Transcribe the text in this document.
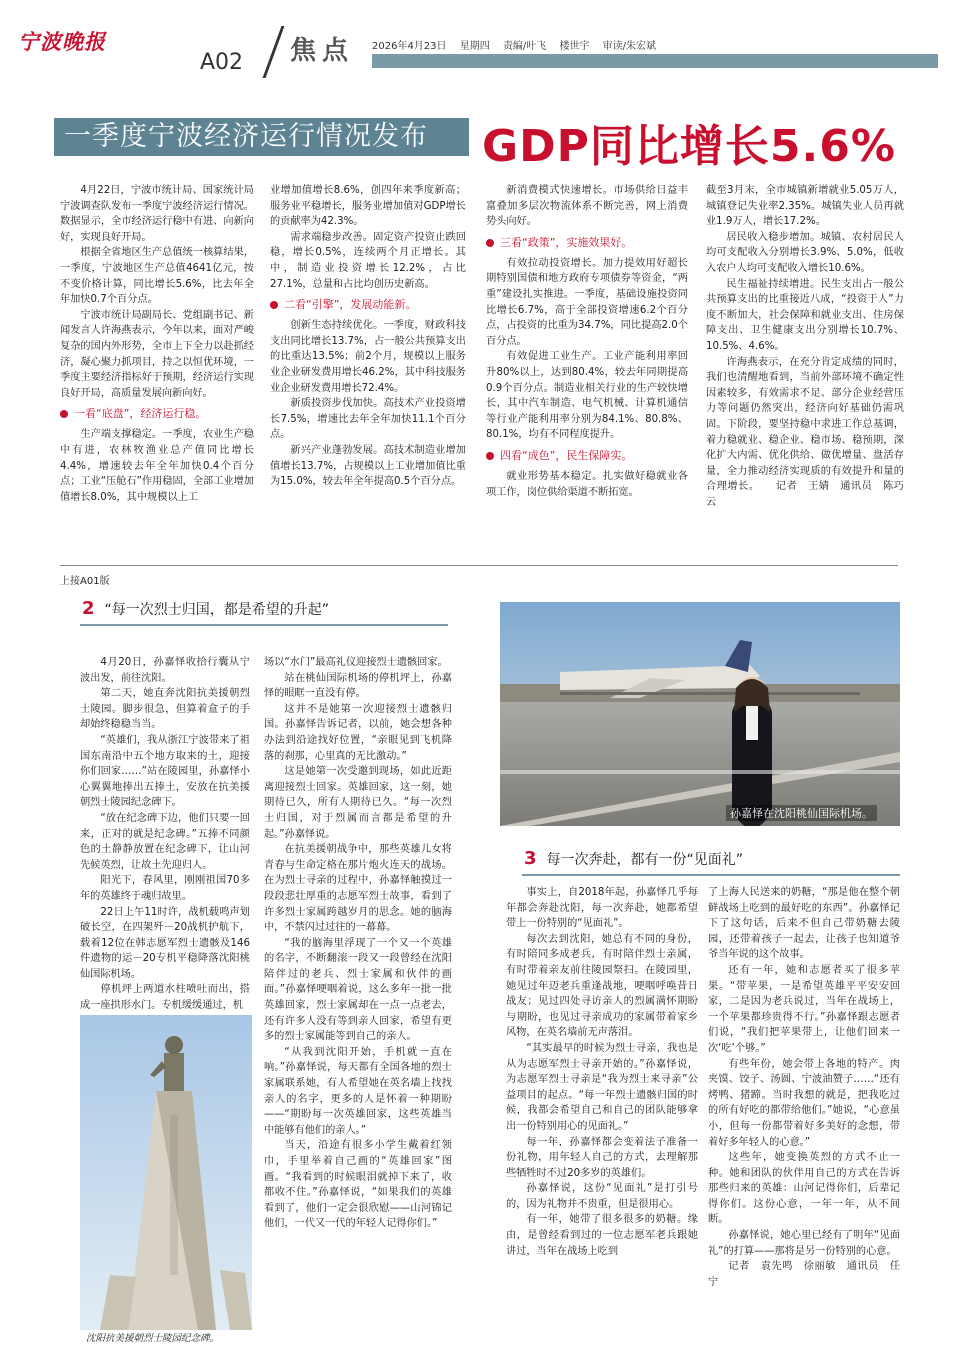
宁波晚报
A02 焦点 2026年4月23日 星期四 责编/叶飞 楼世宇 审读/朱宏斌
一季度宁波经济运行情况发布	GDP同比增长5.6%

4月22日，宁波市统计局、国家统计局宁波调查队发布一季度宁波经济运行情况。数据显示，全市经济运行稳中有进、向新向好，实现良好开局。

根据全省地区生产总值统一核算结果，一季度，宁波地区生产总值4641亿元，按不变价格计算，同比增长5.6%，比去年全年加快0.7个百分点。

宁波市统计局副局长、党组副书记、新闻发言人许海燕表示，今年以来，面对严峻复杂的国内外形势，全市上下全力以赴抓经济，凝心聚力抓项目，持之以恒优环境，一季度主要经济指标好于预期，经济运行实现良好开局，高质量发展向新向好。

一看“底盘”，经济运行稳。

生产端支撑稳定。一季度，农业生产稳中有进，农林牧渔业总产值同比增长4.4%，增速较去年全年加快0.4个百分点；工业“压舱石”作用稳固，全部工业增加值增长8.0%，其中规模以上工

业增加值增长8.6%，创四年来季度新高；服务业平稳增长，服务业增加值对GDP增长的贡献率为42.3%。

需求端稳步改善。固定资产投资止跌回稳，增长0.5%，连续两个月正增长。其中，制造业投资增长12.2%，占比27.1%，总量和占比均创历史新高。

二看“引擎”，发展动能新。

创新生态持续优化。一季度，财政科技支出同比增长13.7%，占一般公共预算支出的比重达13.5%；前2个月，规模以上服务业企业研发费用增长46.2%，其中科技服务业企业研发费用增长72.4%。

新质投资步伐加快。高技术产业投资增长7.5%，增速比去年全年加快11.1个百分点。

新兴产业蓬勃发展。高技术制造业增加值增长13.7%，占规模以上工业增加值比重为15.0%，较去年全年提高0.5个百分点。

新消费模式快速增长。市场供给日益丰富叠加多层次物流体系不断完善，网上消费势头向好。

三看“政策”，实施效果好。

有效拉动投资增长。加力提效用好超长期特别国债和地方政府专项债券等资金，“两重”建设扎实推进。一季度，基础设施投资同比增长6.7%，高于全部投资增速6.2个百分点，占投资的比重为34.7%，同比提高2.0个百分点。

有效促进工业生产。工业产能利用率回升80%以上，达到80.4%，较去年同期提高0.9个百分点。制造业相关行业的生产较快增长，其中汽车制造、电气机械、计算机通信等行业产能利用率分别为84.1%、80.8%、80.1%，均有不同程度提升。

四看“成色”，民生保障实。

就业形势基本稳定。扎实做好稳就业各项工作，岗位供给渠道不断拓宽。

截至3月末，全市城镇新增就业5.05万人，城镇登记失业率2.35%。城镇失业人员再就业1.9万人，增长17.2%。

居民收入稳步增加。城镇、农村居民人均可支配收入分别增长3.9%、5.0%，低收入农户人均可支配收入增长10.6%。

民生福祉持续增进。民生支出占一般公共预算支出的比重接近八成，“投资于人”力度不断加大，社会保障和就业支出、住房保障支出、卫生健康支出分别增长10.7%、10.5%、4.6%。

许海燕表示，在充分肯定成绩的同时，我们也清醒地看到，当前外部环境不确定性因素较多，有效需求不足、部分企业经营压力等问题仍然突出，经济向好基础仍需巩固。下阶段，要坚持稳中求进工作总基调，着力稳就业、稳企业、稳市场、稳预期，深化扩大内需、优化供给、做优增量、盘活存量，全力推动经济实现质的有效提升和量的合理增长。　　记者　王婧　通讯员　陈巧云

上接A01版
2 “每一次烈士归国，都是希望的升起”
孙嘉怿在沈阳桃仙国际机场。
3 每一次奔赴，都有一份“见面礼”

4月20日，孙嘉怿收拾行囊从宁波出发，前往沈阳。

第二天，她直奔沈阳抗美援朝烈士陵园。脚步很急，但算着盒子的手却始终稳稳当当。

“英雄们，我从浙江宁波带来了祖国东南沿中五个地方取来的土，迎接你们回家……”站在陵园里，孙嘉怿小心翼翼地捧出五捧土，安放在抗美援朝烈士陵园纪念碑下。

“放在纪念碑下边，他们只要一回来，正对的就是纪念碑。”五捧不同颜色的土静静放置在纪念碑下，让山河先候英烈，让故土先迎归人。

阳光下，春风里，刚刚祖国70多年的英雄终于魂归故里。

22日上午11时许，战机载鸣声划破长空，在四架歼－20战机护航下，载着12位在韩志愿军烈士遗骸及146件遗物的运－20专机平稳降落沈阳桃仙国际机场。

停机坪上两道水柱喷吐而出，搭成一座拱形水门。专机缓缓通过，机

场以“水门”最高礼仪迎接烈士遗骸回家。

站在桃仙国际机场的停机坪上，孙嘉怿的眼眶一直没有停。

这并不是她第一次迎接烈士遗骸归国。孙嘉怿告诉记者，以前，她会想各种办法到沿途找好位置，“亲眼见到飞机降落的刹那，心里真的无比激动。”

这是她第一次受邀到现场，如此近距离迎接烈士回家。英雄回家，这一刻，她期待已久，所有人期待已久。“每一次烈士归国，对于烈属而言都是希望的升起。”孙嘉怿说。

在抗美援朝战争中，那些英雄儿女将青春与生命定格在那片炮火连天的战场。在为烈士寻亲的过程中，孙嘉怿触摸过一段段悲壮厚重的志愿军烈士故事，看到了许多烈士家属跨越岁月的思念。她的脑海中，不禁闪过过往的一幕幕。

“我的脑海里浮现了一个又一个英雄的名字，不断翻滚一段又一段曾经在沈阳陪伴过的老兵、烈士家属和伙伴的画面。”孙嘉怿哽咽着说，这么多年一批一批英雄回家，烈士家属却在一点一点老去，还有许多人没有等到亲人回家，希望有更多的烈士家属能等到自己的亲人。

“从我到沈阳开始，手机就一直在响。”孙嘉怿说，每天都有全国各地的烈士家属联系她，有人希望她在英名墙上找找亲人的名字，更多的人是怀着一种期盼——“期盼每一次英雄回家，这些英雄当中能够有他们的亲人。”

当天，沿途有很多小学生戴着红领巾，手里举着自己画的“英雄回家”图画。“我看到的时候眼泪就掉下来了，收都收不住。”孙嘉怿说，“如果我们的英雄看到了，他们一定会很欣慰——山河锦记他们，一代又一代的年轻人记得你们。”

事实上，自2018年起，孙嘉怿几乎每年都会奔赴沈阳，每一次奔赴，她都希望带上一份特别的“见面礼”。

每次去到沈阳，她总有不同的身份，有时陪同多成老兵，有时陪伴烈士亲属，有时带着亲友前往陵园祭扫。在陵园里，她见过年迈老兵重逢战地，哽咽呼唤昔日战友；见过四处寻访亲人的烈属满怀期盼与期盼，也见过寻亲成功的家属带着家乡风物，在英名墙前无声落泪。

“其实最早的时候为烈士寻亲，我也是从为志愿军烈士寻亲开始的。”孙嘉怿说，为志愿军烈士寻亲是“我为烈士来寻亲”公益项目的起点。“每一年烈士遗骸归国的时候，我都会希望自己和自己的团队能够拿出一份特别用心的见面礼。”

每一年，孙嘉怿都会变着法子准备一份礼物，用年轻人自己的方式，去理解那些牺牲时不过20多岁的英雄们。

孙嘉怿说，这份“见面礼”是打引号的，因为礼物并不贵重，但是很用心。

有一年，她带了很多很多的奶糖。缘由，是曾经看到过的一位志愿军老兵跟她讲过，当年在战场上吃到

了上海人民送来的奶糖，“那是他在整个朝鲜战场上吃到的最好吃的东西”。孙嘉怿记下了这句话，后来不但自己带奶糖去陵园，还带着孩子一起去，让孩子也知道爷爷当年说的这个故事。

还有一年，她和志愿者买了很多苹果。“带苹果，一是希望英雄平平安安回家，二是因为老兵说过，当年在战场上，一个苹果都珍贵得不行。”孙嘉怿跟志愿者们说，“我们把苹果带上，让他们回来一次‘吃’个够。”

有些年份，她会带上各地的特产。肉夹馍、饺子、汤圆、宁波油赞子……“还有烤鸭、猪蹄。当时我想的就是，把我吃过的所有好吃的都带给他们。”她说，“心意虽小，但每一份都带着好多美好的念想，带着好多年轻人的心意。”

这些年，她变换英烈的方式不止一种。她和团队的伙伴用自己的方式在告诉那些归来的英雄：山河记得你们，后辈记得你们。这份心意，一年一年，从不间断。

孙嘉怿说，她心里已经有了明年“见面礼”的打算——那将是另一份特别的心意。

记者　袁先鸣　徐丽敏　通讯员　任宁

沈阳抗美援朝烈士陵园纪念碑。
